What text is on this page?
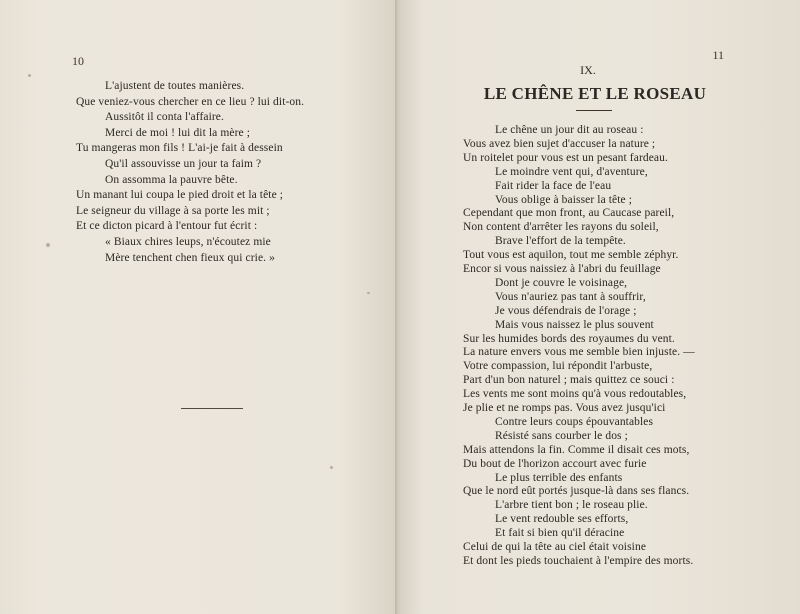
10
L'ajustent de toutes manières.
Que veniez-vous chercher en ce lieu ? lui dit-on.
Aussitôt il conta l'affaire.
Merci de moi ! lui dit la mère ;
Tu mangeras mon fils ! L'ai-je fait à dessein
Qu'il assouvisse un jour ta faim ?
On assomma la pauvre bête.
Un manant lui coupa le pied droit et la tête ;
Le seigneur du village à sa porte les mit ;
Et ce dicton picard à l'entour fut écrit :
« Biaux chires leups, n'écoutez mie
Mère tenchent chen fieux qui crie. »
11
IX.
LE CHÊNE ET LE ROSEAU
Le chêne un jour dit au roseau :
Vous avez bien sujet d'accuser la nature ;
Un roitelet pour vous est un pesant fardeau.
Le moindre vent qui, d'aventure,
Fait rider la face de l'eau
Vous oblige à baisser la tête ;
Cependant que mon front, au Caucase pareil,
Non content d'arrêter les rayons du soleil,
Brave l'effort de la tempête.
Tout vous est aquilon, tout me semble zéphyr.
Encor si vous naissiez à l'abri du feuillage
Dont je couvre le voisinage,
Vous n'auriez pas tant à souffrir,
Je vous défendrais de l'orage ;
Mais vous naissez le plus souvent
Sur les humides bords des royaumes du vent.
La nature envers vous me semble bien injuste. —
Votre compassion, lui répondit l'arbuste,
Part d'un bon naturel ; mais quittez ce souci :
Les vents me sont moins qu'à vous redoutables,
Je plie et ne romps pas. Vous avez jusqu'ici
Contre leurs coups épouvantables
Résisté sans courber le dos ;
Mais attendons la fin. Comme il disait ces mots,
Du bout de l'horizon accourt avec furie
Le plus terrible des enfants
Que le nord eût portés jusque-là dans ses flancs.
L'arbre tient bon ; le roseau plie.
Le vent redouble ses efforts,
Et fait si bien qu'il déracine
Celui de qui la tête au ciel était voisine
Et dont les pieds touchaient à l'empire des morts.
